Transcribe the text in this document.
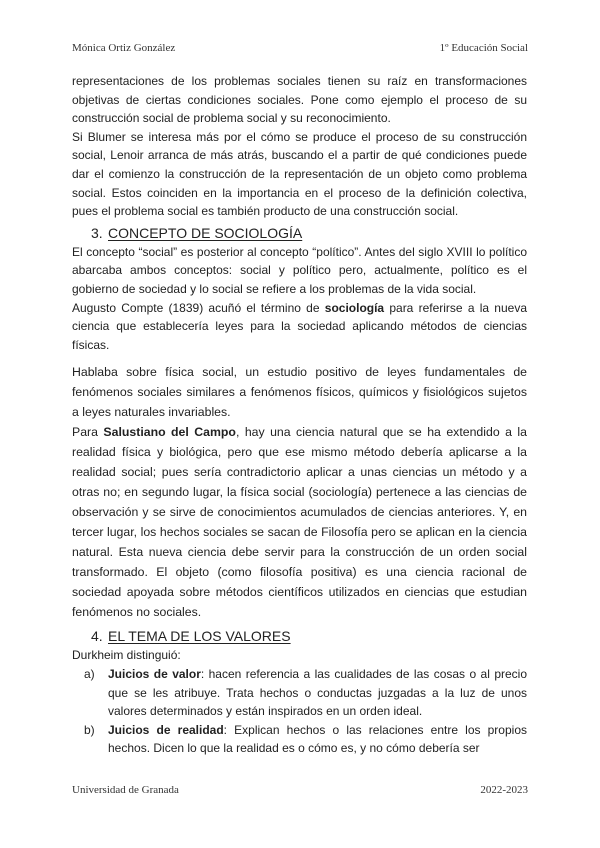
Mónica Ortiz González	1º Educación Social

representaciones de los problemas sociales tienen su raíz en transformaciones objetivas de ciertas condiciones sociales. Pone como ejemplo el proceso de su construcción social de problema social y su reconocimiento.

Si Blumer se interesa más por el cómo se produce el proceso de su construcción social, Lenoir arranca de más atrás, buscando el a partir de qué condiciones puede dar el comienzo la construcción de la representación de un objeto como problema social. Estos coinciden en la importancia en el proceso de la definición colectiva, pues el problema social es también producto de una construcción social.

3. CONCEPTO DE SOCIOLOGÍA

El concepto “social” es posterior al concepto “político”. Antes del siglo XVIII lo político abarcaba ambos conceptos: social y político pero, actualmente, político es el gobierno de sociedad y lo social se refiere a los problemas de la vida social.

Augusto Compte (1839) acuñó el término de sociología para referirse a la nueva ciencia que establecería leyes para la sociedad aplicando métodos de ciencias físicas.

Hablaba sobre física social, un estudio positivo de leyes fundamentales de fenómenos sociales similares a fenómenos físicos, químicos y fisiológicos sujetos a leyes naturales invariables.

Para Salustiano del Campo, hay una ciencia natural que se ha extendido a la realidad física y biológica, pero que ese mismo método debería aplicarse a la realidad social; pues sería contradictorio aplicar a unas ciencias un método y a otras no; en segundo lugar, la física social (sociología) pertenece a las ciencias de observación y se sirve de conocimientos acumulados de ciencias anteriores. Y, en tercer lugar, los hechos sociales se sacan de Filosofía pero se aplican en la ciencia natural. Esta nueva ciencia debe servir para la construcción de un orden social transformado. El objeto (como filosofía positiva) es una ciencia racional de sociedad apoyada sobre métodos científicos utilizados en ciencias que estudian fenómenos no sociales.

4. EL TEMA DE LOS VALORES

Durkheim distinguió:

a)	Juicios de valor: hacen referencia a las cualidades de las cosas o al precio que se les atribuye. Trata hechos o conductas juzgadas a la luz de unos valores determinados y están inspirados en un orden ideal.
b)	Juicios de realidad: Explican hechos o las relaciones entre los propios hechos. Dicen lo que la realidad es o cómo es, y no cómo debería ser
Universidad de Granada	2022-2023
